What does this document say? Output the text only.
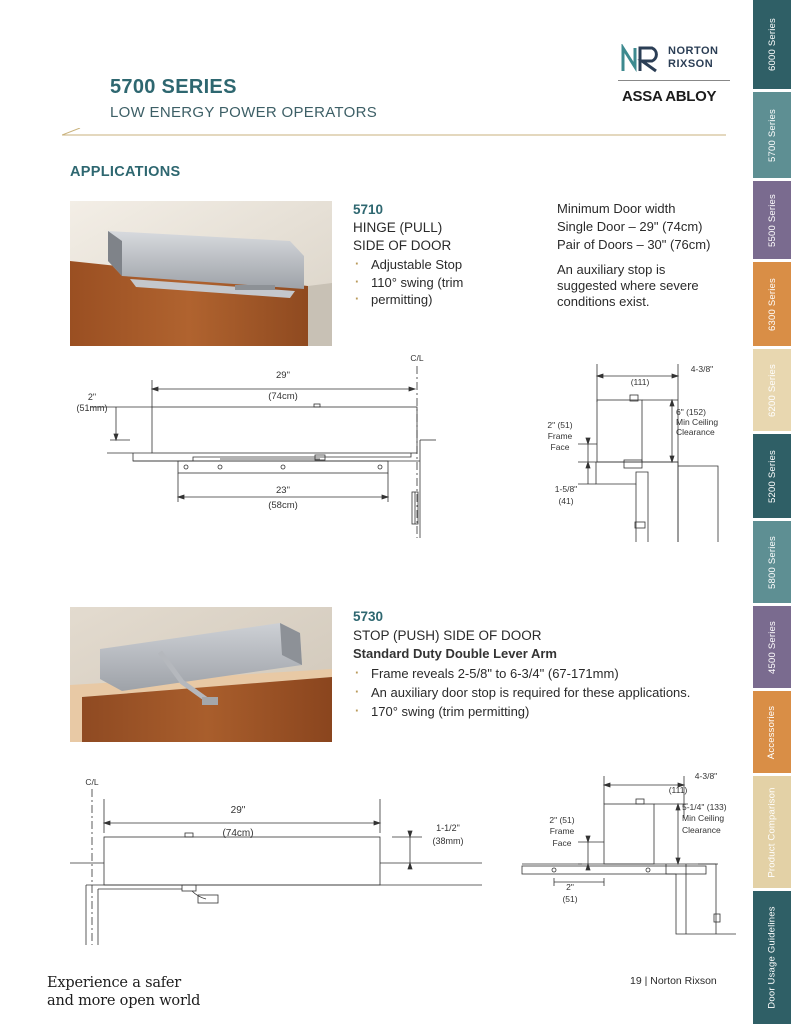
5700 SERIES
LOW ENERGY POWER OPERATORS
NORTON
RIXSON
ASSA ABLOY
APPLICATIONS
5710
HINGE (PULL)
SIDE OF DOOR
· Adjustable Stop
· 110° swing (trim
· permitting)
Minimum Door width
Single Door – 29" (74cm)
Pair of Doors – 30" (76cm)
An auxiliary stop is
suggested where severe
conditions exist.
C/L
29"
(74cm)
2"
(51mm)
23"
(58cm)
4-3/8"
(111)
6" (152)
Min Ceiling
Clearance
2" (51)
Frame
Face
1-5/8"
(41)
5730
STOP (PUSH) SIDE OF DOOR
Standard Duty Double Lever Arm
· Frame reveals 2-5/8" to 6-3/4" (67-171mm)
· An auxiliary door stop is required for these applications.
· 170° swing (trim permitting)
C/L
29"
(74cm)	1-1/2"
(38mm)
4-3/8"
(111)
5-1/4" (133)
Min Ceiling
Clearance
2" (51)
Frame
Face
2"
(51)
6000 Series
5700 Series
5500 Series
6300 Series
6200 Series
5200 Series
5800 Series
4500 Series
Accessories
Product Comparison
Door Usage Guidelines
Experience a safer
and more open world
19 | Norton Rixson
